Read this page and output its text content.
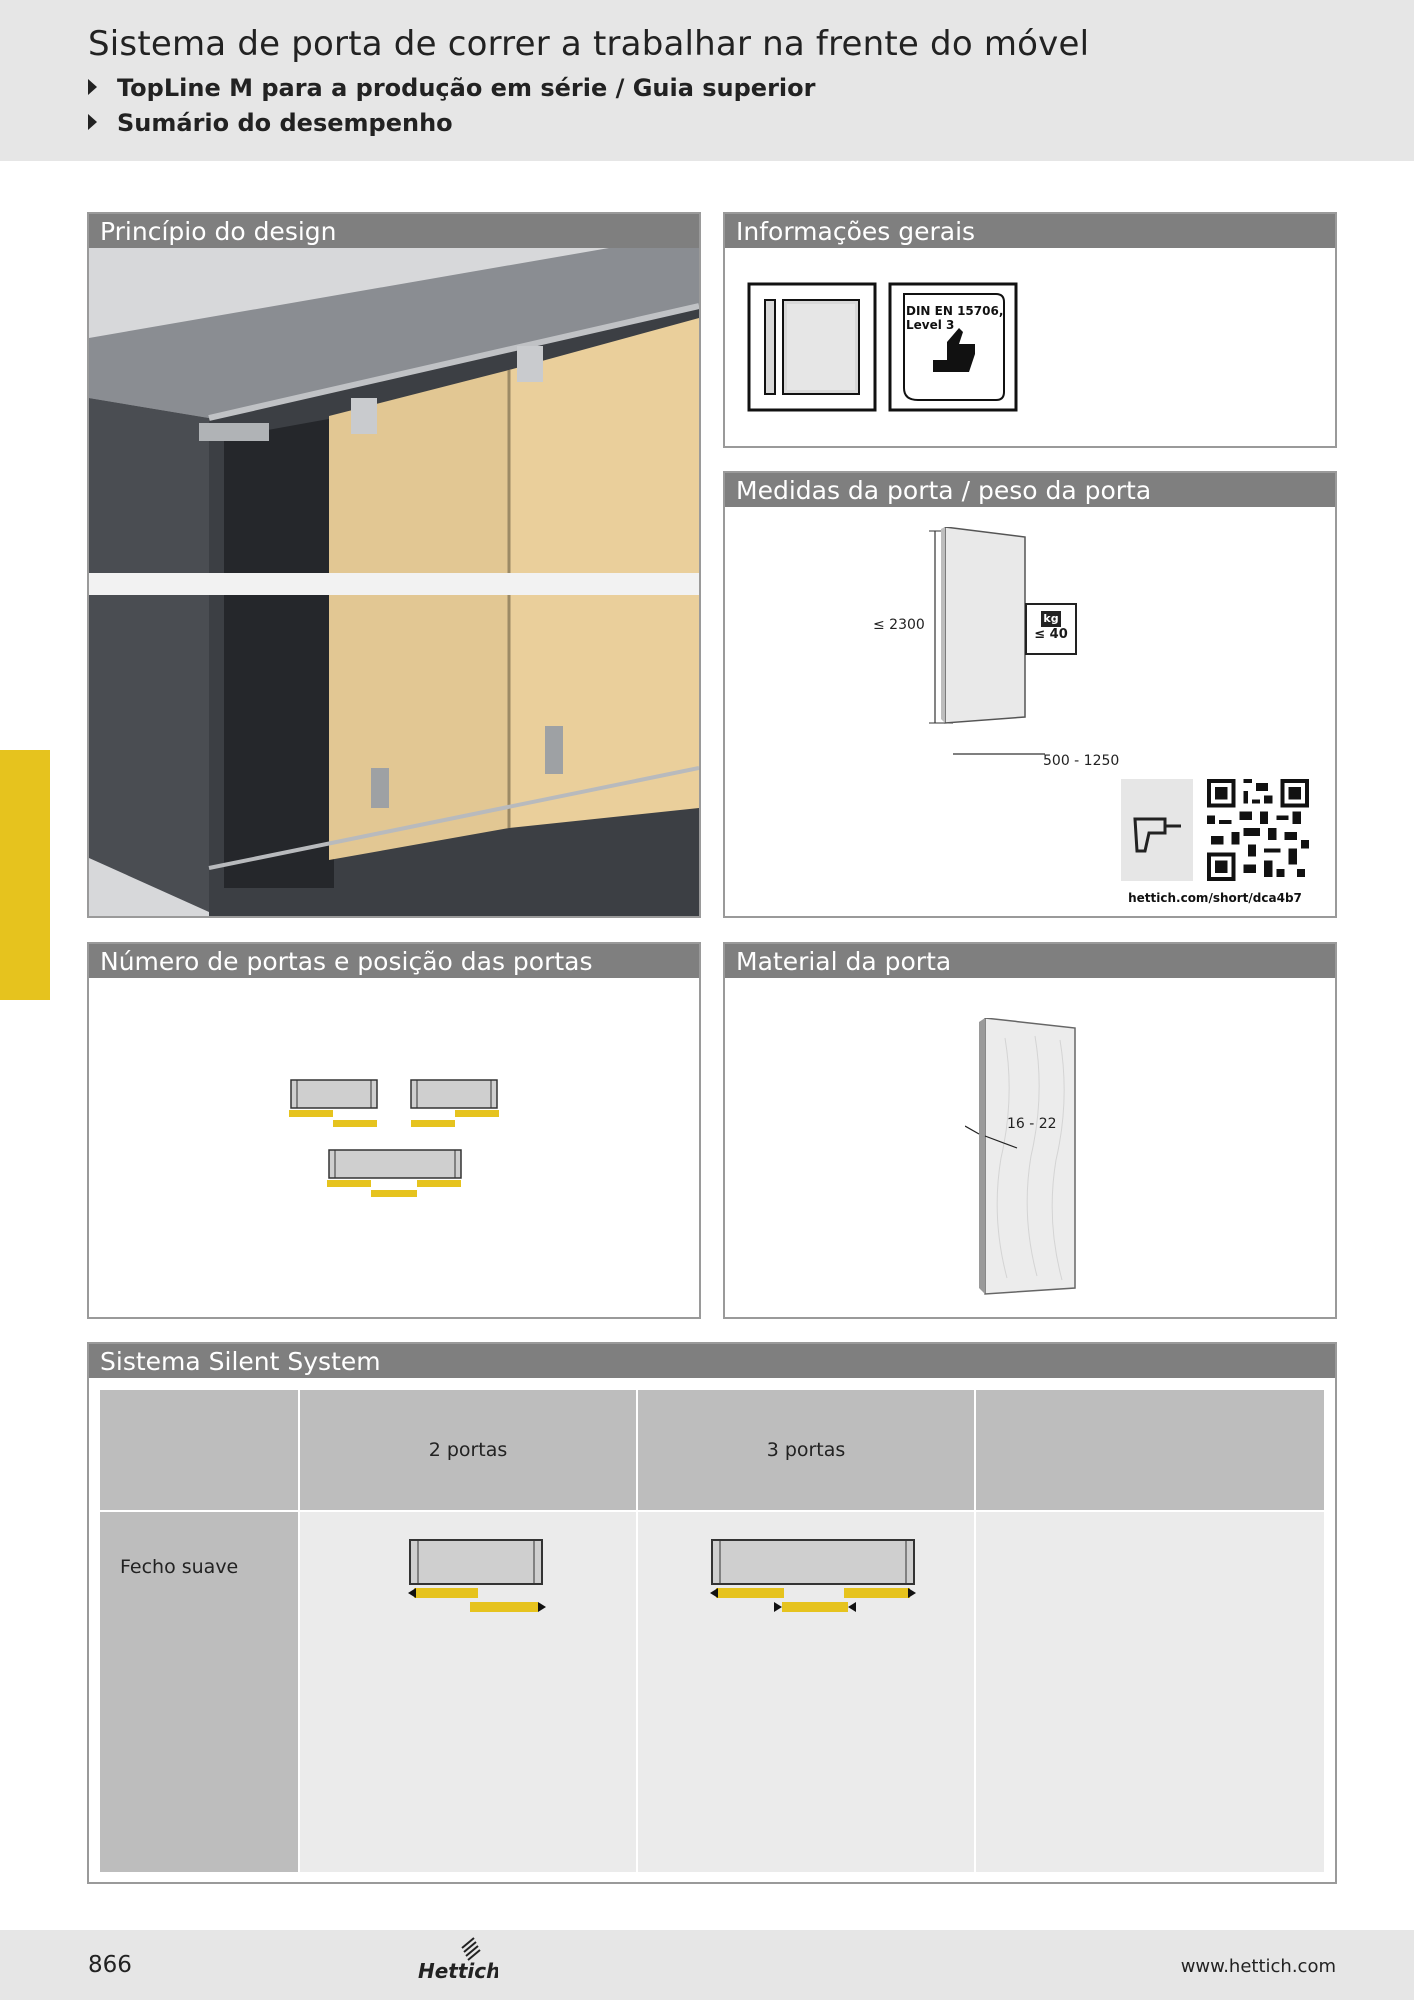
Sistema de porta de correr a trabalhar na frente do móvel
TopLine M para a produção em série / Guia superior
Sumário do desempenho
Princípio do design	Informações gerais
DIN EN 15706,
Level 3
Medidas da porta / peso da porta
≤ 2300
500 - 1250
kg
≤ 40
hettich.com/short/dca4b7
Número de portas e posição das portas	Material da porta
16 - 22
Sistema Silent System
2 portas	3 portas
Fecho suave
866	Hettich	www.hettich.com
